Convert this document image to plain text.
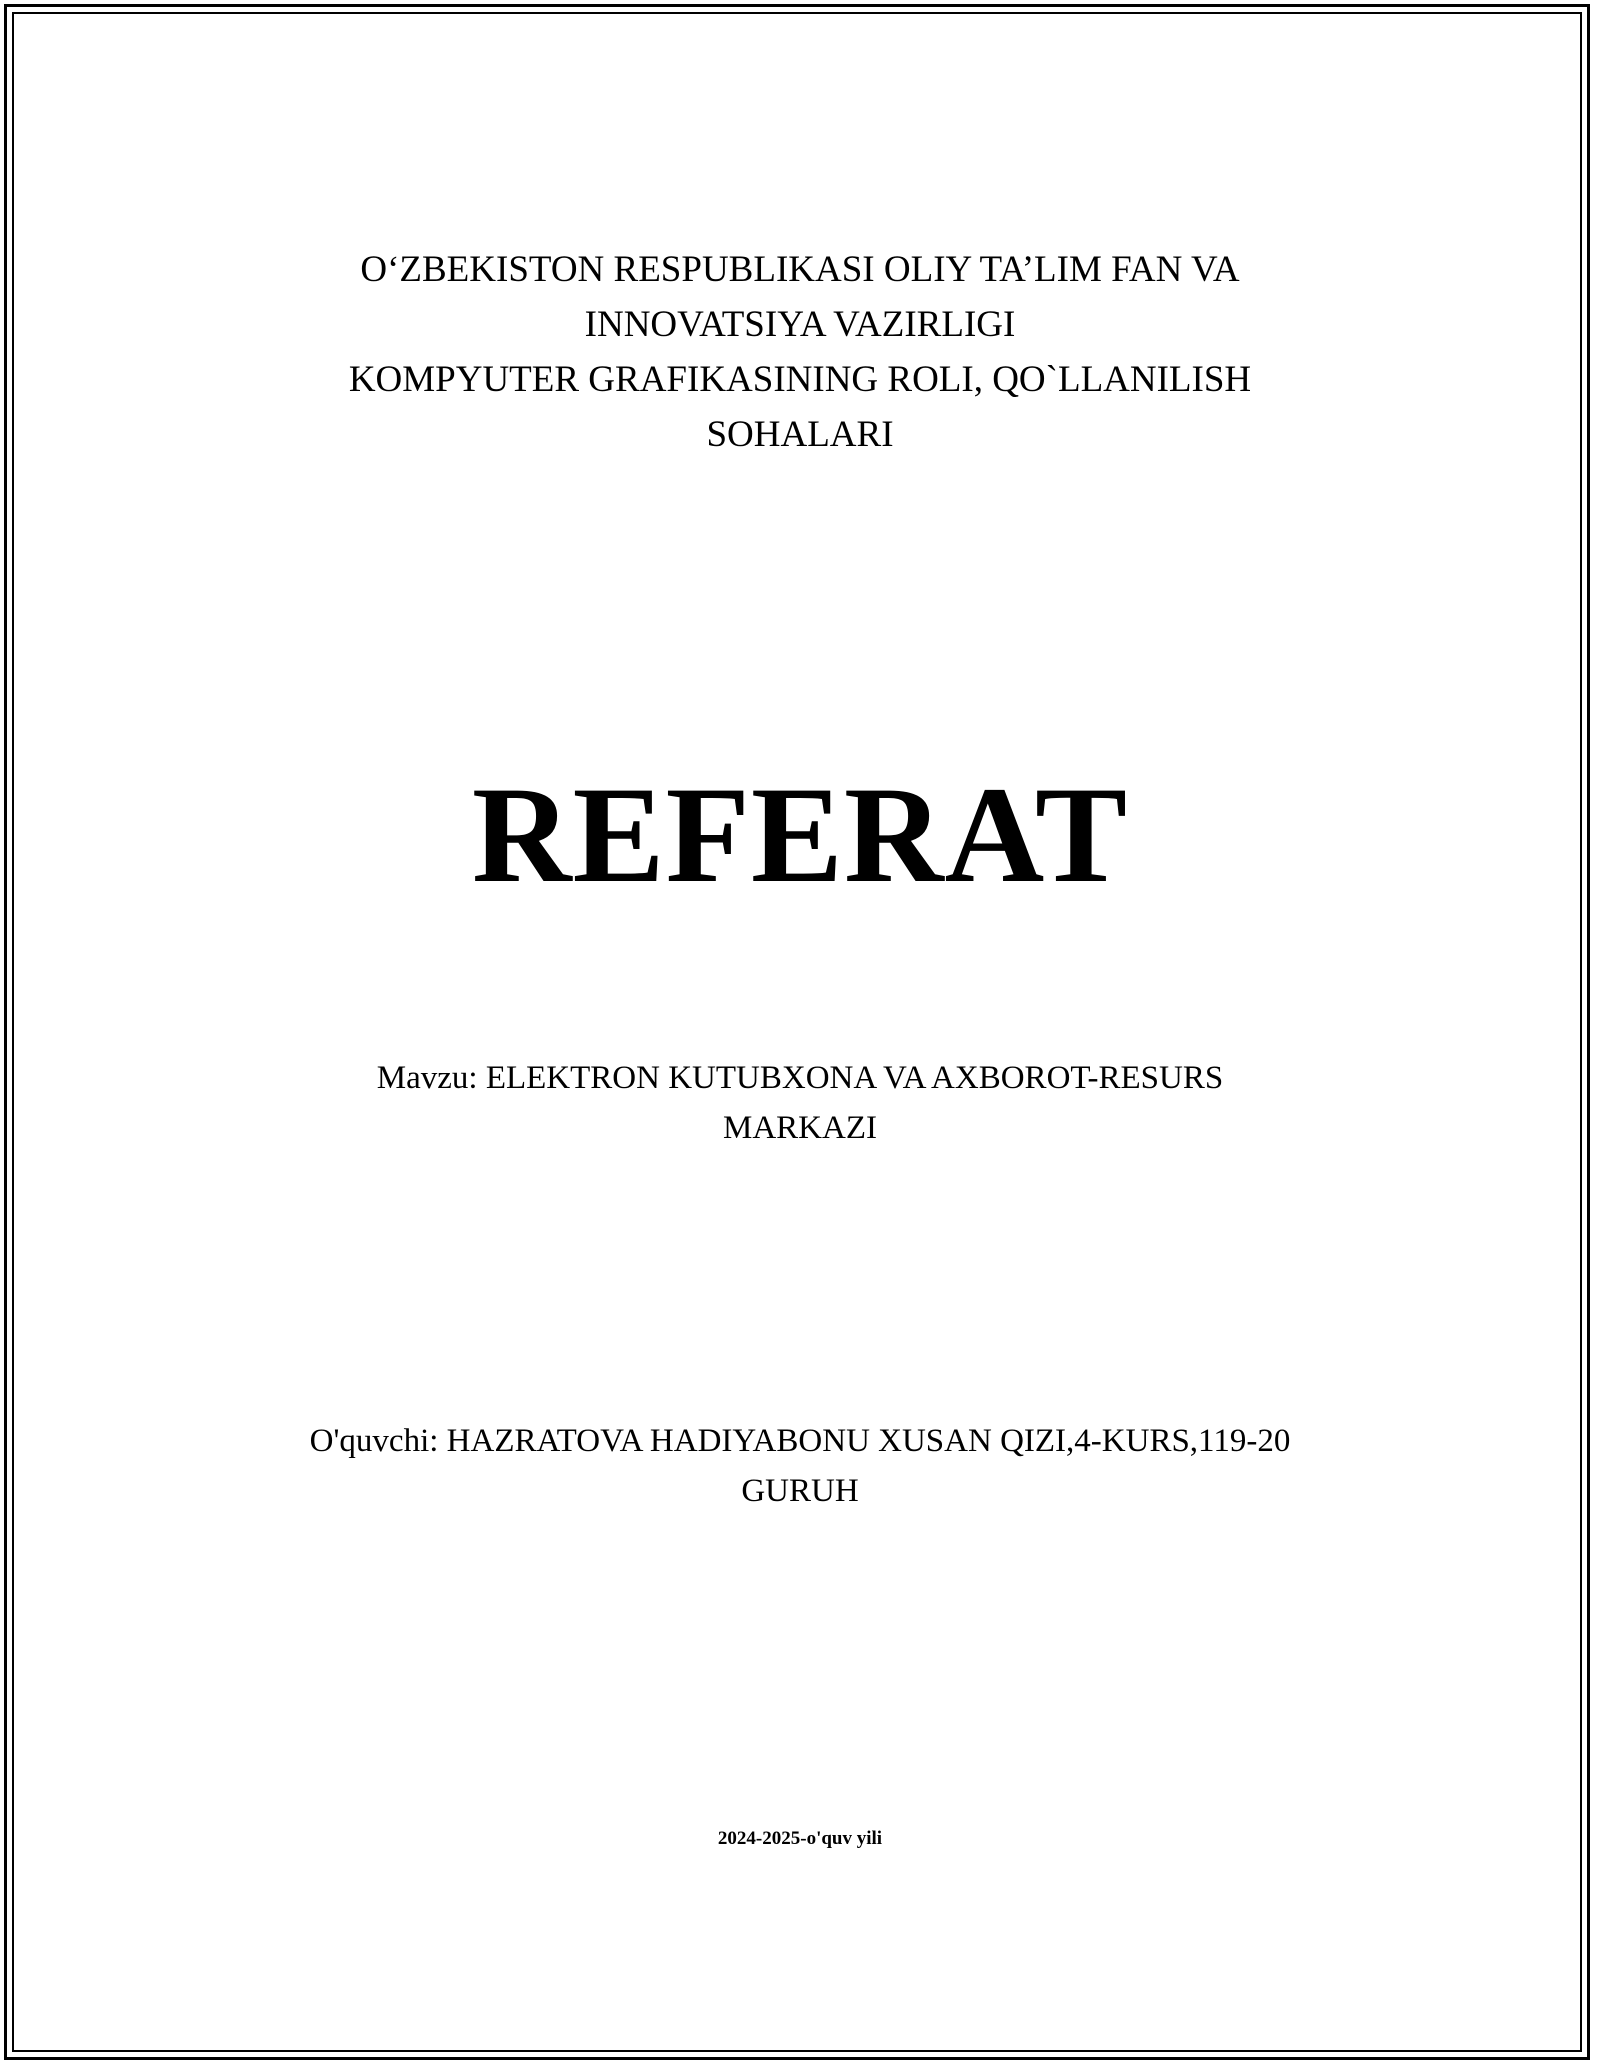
O‘ZBEKISTON RESPUBLIKASI OLIY TA’LIM FAN VA
INNOVATSIYA VAZIRLIGI
KOMPYUTER GRAFIKASINING ROLI, QO`LLANILISH
SOHALARI
REFERAT
Mavzu: ELEKTRON KUTUBXONA VA AXBOROT-RESURS
MARKAZI
O'quvchi: HAZRATOVA HADIYABONU XUSAN QIZI,4-KURS,119-20
GURUH
2024-2025-o'quv yili
